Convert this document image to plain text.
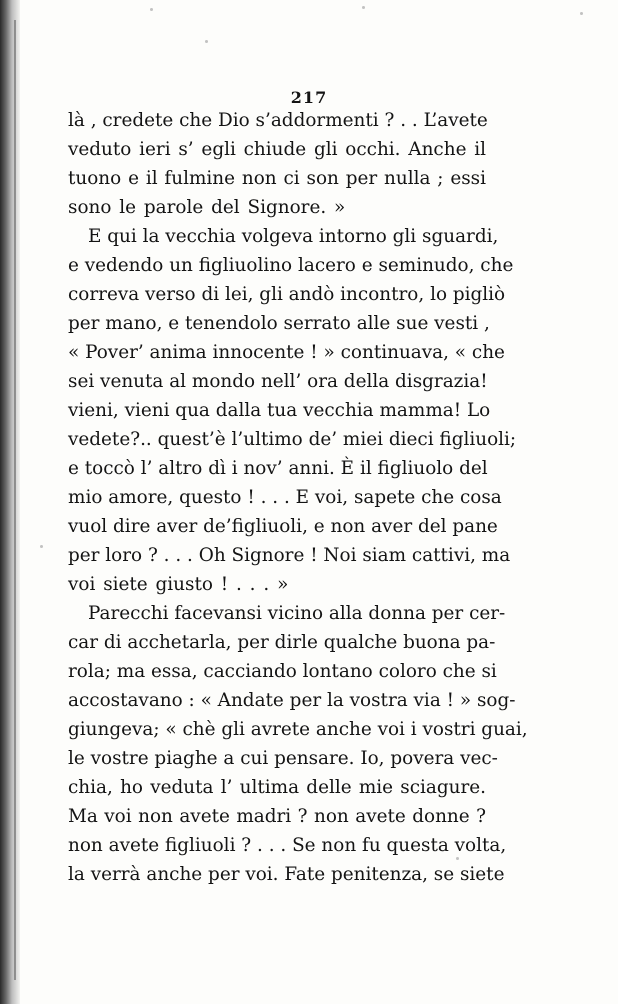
217
là , credete che Dio s’addormenti ? . . L’avete
veduto ieri s’ egli chiude gli occhi. Anche il
tuono e il fulmine non ci son per nulla ; essi
sono le parole del Signore. »
E qui la vecchia volgeva intorno gli sguardi,
e vedendo un figliuolino lacero e seminudo, che
correva verso di lei, gli andò incontro, lo pigliò
per mano, e tenendolo serrato alle sue vesti ,
« Pover’ anima innocente ! » continuava, « che
sei venuta al mondo nell’ ora della disgrazia!
vieni, vieni qua dalla tua vecchia mamma! Lo
vedete?.. quest’è l’ultimo de’ miei dieci figliuoli;
e toccò l’ altro dì i nov’ anni. È il figliuolo del
mio amore, questo ! . . . E voi, sapete che cosa
vuol dire aver de’figliuoli, e non aver del pane
per loro ? . . . Oh Signore ! Noi siam cattivi, ma
voi siete giusto ! . . . »
Parecchi facevansi vicino alla donna per cer-
car di acchetarla, per dirle qualche buona pa-
rola; ma essa, cacciando lontano coloro che si
accostavano : « Andate per la vostra via ! » sog-
giungeva; « chè gli avrete anche voi i vostri guai,
le vostre piaghe a cui pensare. Io, povera vec-
chia, ho veduta l’ ultima delle mie sciagure.
Ma voi non avete madri ? non avete donne ?
non avete figliuoli ? . . . Se non fu questa volta,
la verrà anche per voi. Fate penitenza, se siete
